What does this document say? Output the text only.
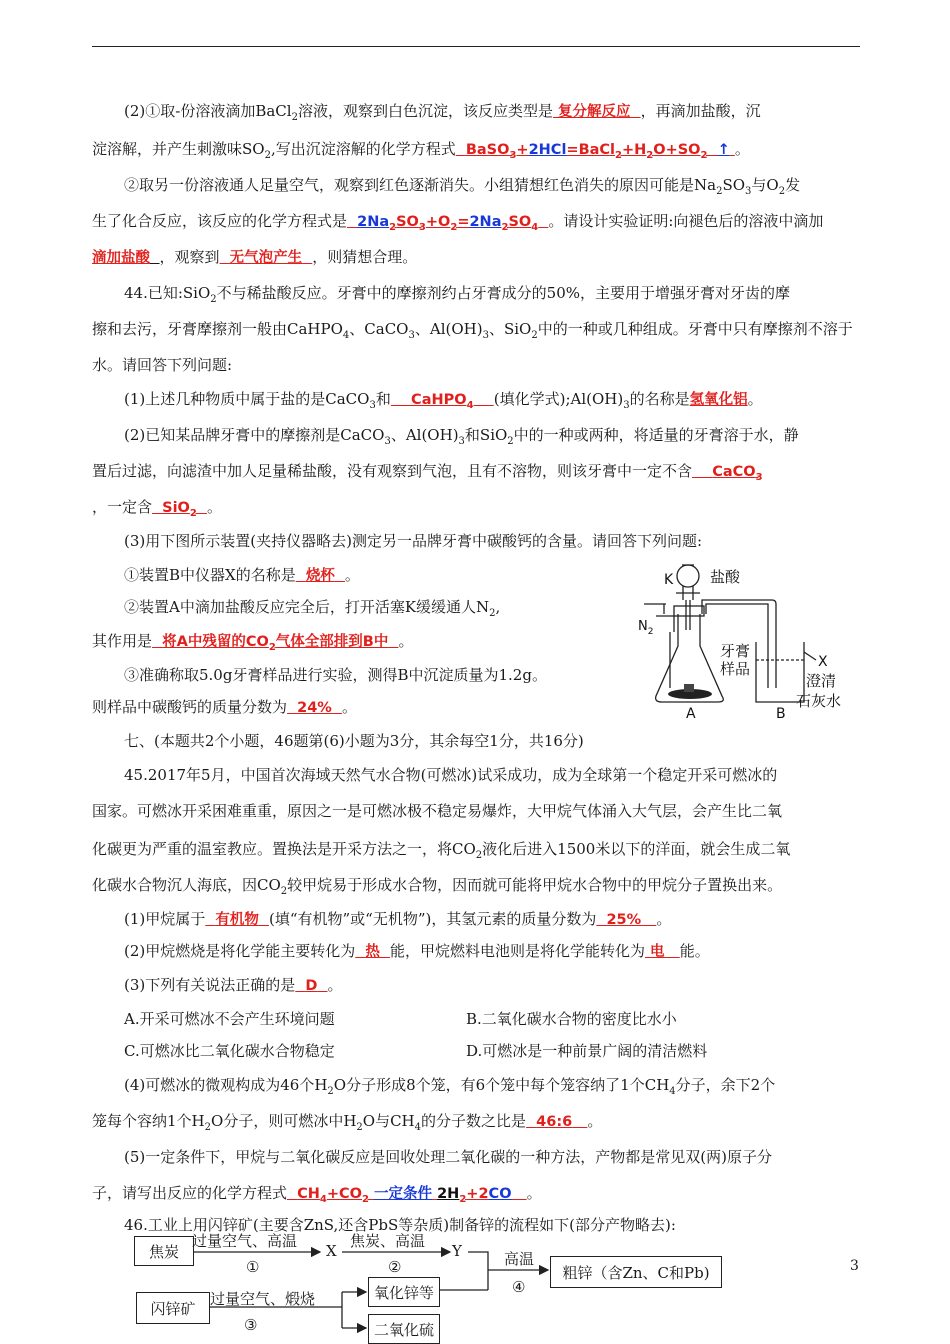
(2)①取-份溶液滴加BaCl$_2$溶液，观察到白色沉淀，该反应类型是 复分解反应 ，再滴加盐酸，沉
淀溶解，并产生刺激味$SO_2$,写出沉淀溶解的化学方程式 $BaSO_3+2HCl=BaCl_2+H_2O+SO_2$ ↑ 。
②取另一份溶液通人足量空气，观察到红色逐渐消失。小组猜想红色消失的原因可能是$Na_2SO_3$与$O_2$发
生了化合反应，该反应的化学方程式是 $2Na_2SO_3+O_2=2Na_2SO_4$ 。请设计实验证明:向褪色后的溶液中滴加
滴加盐酸 ，观察到 无气泡产生 ，则猜想合理。
44.已知:SiO$_2$不与稀盐酸反应。牙膏中的摩擦剂约占牙膏成分的50%，主要用于增强牙膏对牙齿的摩
擦和去污，牙膏摩擦剂一般由CaHPO$_4$、CaCO$_3$、$Al(OH)_3$、SiO$_2$中的一种或几种组成。牙膏中只有摩擦剂不溶于
水。请回答下列问题:
(1)上述几种物质中属于盐的是CaCO$_3$和 CaHPO$_4$ (填化学式)$;Al(OH)_3$的名称是氢氧化铝。
(2)已知某品牌牙膏中的摩擦剂是CaCO$_3$、$Al(OH)_3$和SiO$_2$中的一种或两种，将适量的牙膏溶于水，静
置后过滤，向滤渣中加人足量稀盐酸，没有观察到气泡，且有不溶物，则该牙膏中一定不含 CaCO$_3$
，一定含 SiO$_2$ 。
(3)用下图所示装置(夹持仪器略去)测定另一品牌牙膏中碳酸钙的含量。请回答下列问题:
①装置B中仪器X的名称是 烧杯 。
②装置A中滴加盐酸反应完全后，打开活塞K缓缓通人$N_2$,
其作用是 将A中残留的$CO_2$气体全部排到B中 。
③准确称取5.0g牙膏样品进行实验，测得B中沉淀质量为1.2g。
则样品中碳酸钙的质量分数为 24% 。
K 盐酸
$N_2$
牙膏
样品	X
澄清
石灰水
A	B
七、(本题共2个小题，46题第(6)小题为3分，其余每空1分，共16分)
45.2017年5月，中国首次海域天然气水合物(可燃冰)试采成功，成为全球第一个稳定开采可燃冰的
国家。可燃冰开采困难重重，原因之一是可燃冰极不稳定易爆炸，大甲烷气体涌入大气层，会产生比二氧
化碳更为严重的温室教应。置换法是开采方法之一，将$CO_2$液化后进入1500米以下的洋面，就会生成二氧
化碳水合物沉人海底，因$CO_2$较甲烷易于形成水合物，因而就可能将甲烷水合物中的甲烷分子置换出来。
(1)甲烷属于 有机物 (填“有机物”或“无机物”)，其氢元素的质量分数为 25% 。
(2)甲烷燃烧是将化学能主要转化为 热 能，甲烷燃料电池则是将化学能转化为 电 能。
(3)下列有关说法正确的是 D 。
A.开采可燃冰不会产生环境问题	B.二氧化碳水合物的密度比水小
C.可燃冰比二氧化碳水合物稳定	D.可燃冰是一种前景广阔的清洁燃料
(4)可燃冰的微观构成为46个$H_2O$分子形成8个笼，有6个笼中每个笼容纳了1个$CH_4$分子，余下2个
笼每个容纳1个$H_2O$分子，则可燃冰中$H_2O$与$CH_4$的分子数之比是 46:6 。
(5)一定条件下，甲烷与二氧化碳反应是回收处理二氧化碳的一种方法，产物都是常见双(两)原子分
子，请写出反应的化学方程式 $CH_4+CO_2$ 一定条件 $2H_2+2CO$ 。
46.工业上用闪锌矿(主要含ZnS,还含PbS等杂质)制备锌的流程如下(部分产物略去):
焦炭
闪锌矿
氧化锌等
二氧化硫
粗锌（含Zn、C和Pb)
过量空气、高温
①
X
焦炭、高温
②
Y	高温
④
过量空气、煅烧
③
3
